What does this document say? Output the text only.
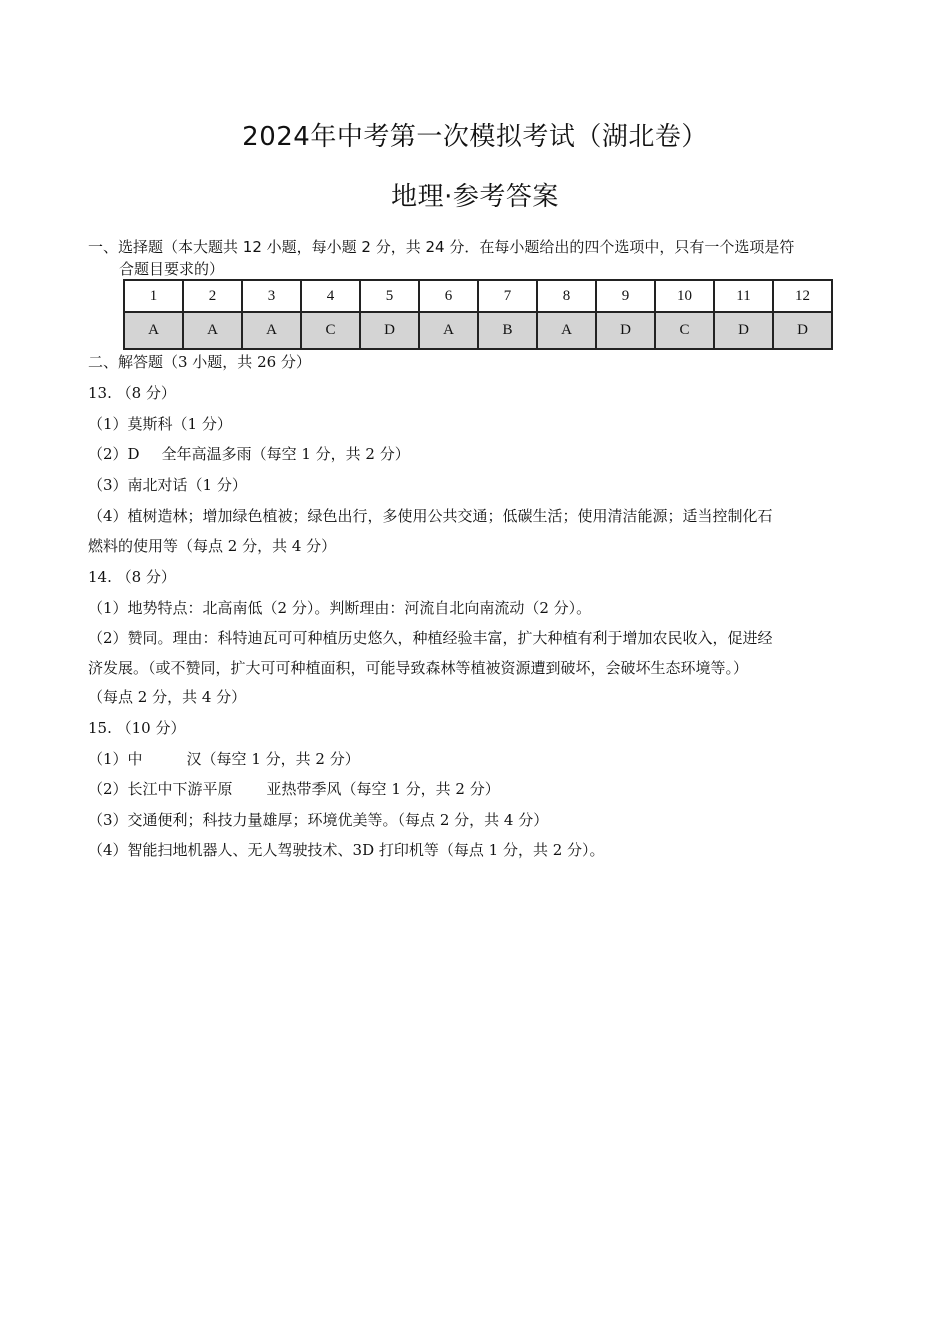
2024年中考第一次模拟考试（湖北卷）
地理·参考答案
一、选择题（本大题共 12 小题，每小题 2 分，共 24 分．在每小题给出的四个选项中，只有一个选项是符
合题目要求的）
1	2	3	4	5	6	7	8	9	10	11	12
A	A	A	C	D	A	B	A	D	C	D	D
二、解答题（3 小题，共 26 分）
13. （8 分）
（1）莫斯科（1 分）
（2）D 全年高温多雨（每空 1 分，共 2 分）
（3）南北对话（1 分）
（4）植树造林；增加绿色植被；绿色出行，多使用公共交通；低碳生活；使用清洁能源；适当控制化石
燃料的使用等（每点 2 分，共 4 分）
14. （8 分）
（1）地势特点：北高南低（2 分）。判断理由：河流自北向南流动（2 分）。
（2）赞同。理由：科特迪瓦可可种植历史悠久，种植经验丰富，扩大种植有利于增加农民收入，促进经
济发展。（或不赞同，扩大可可种植面积，可能导致森林等植被资源遭到破坏，会破坏生态环境等。）
（每点 2 分，共 4 分）
15. （10 分）
（1）中	汉（每空 1 分，共 2 分）
（2）长江中下游平原 亚热带季风（每空 1 分，共 2 分）
（3）交通便利；科技力量雄厚；环境优美等。（每点 2 分，共 4 分）
（4）智能扫地机器人、无人驾驶技术、3D 打印机等（每点 1 分，共 2 分）。
